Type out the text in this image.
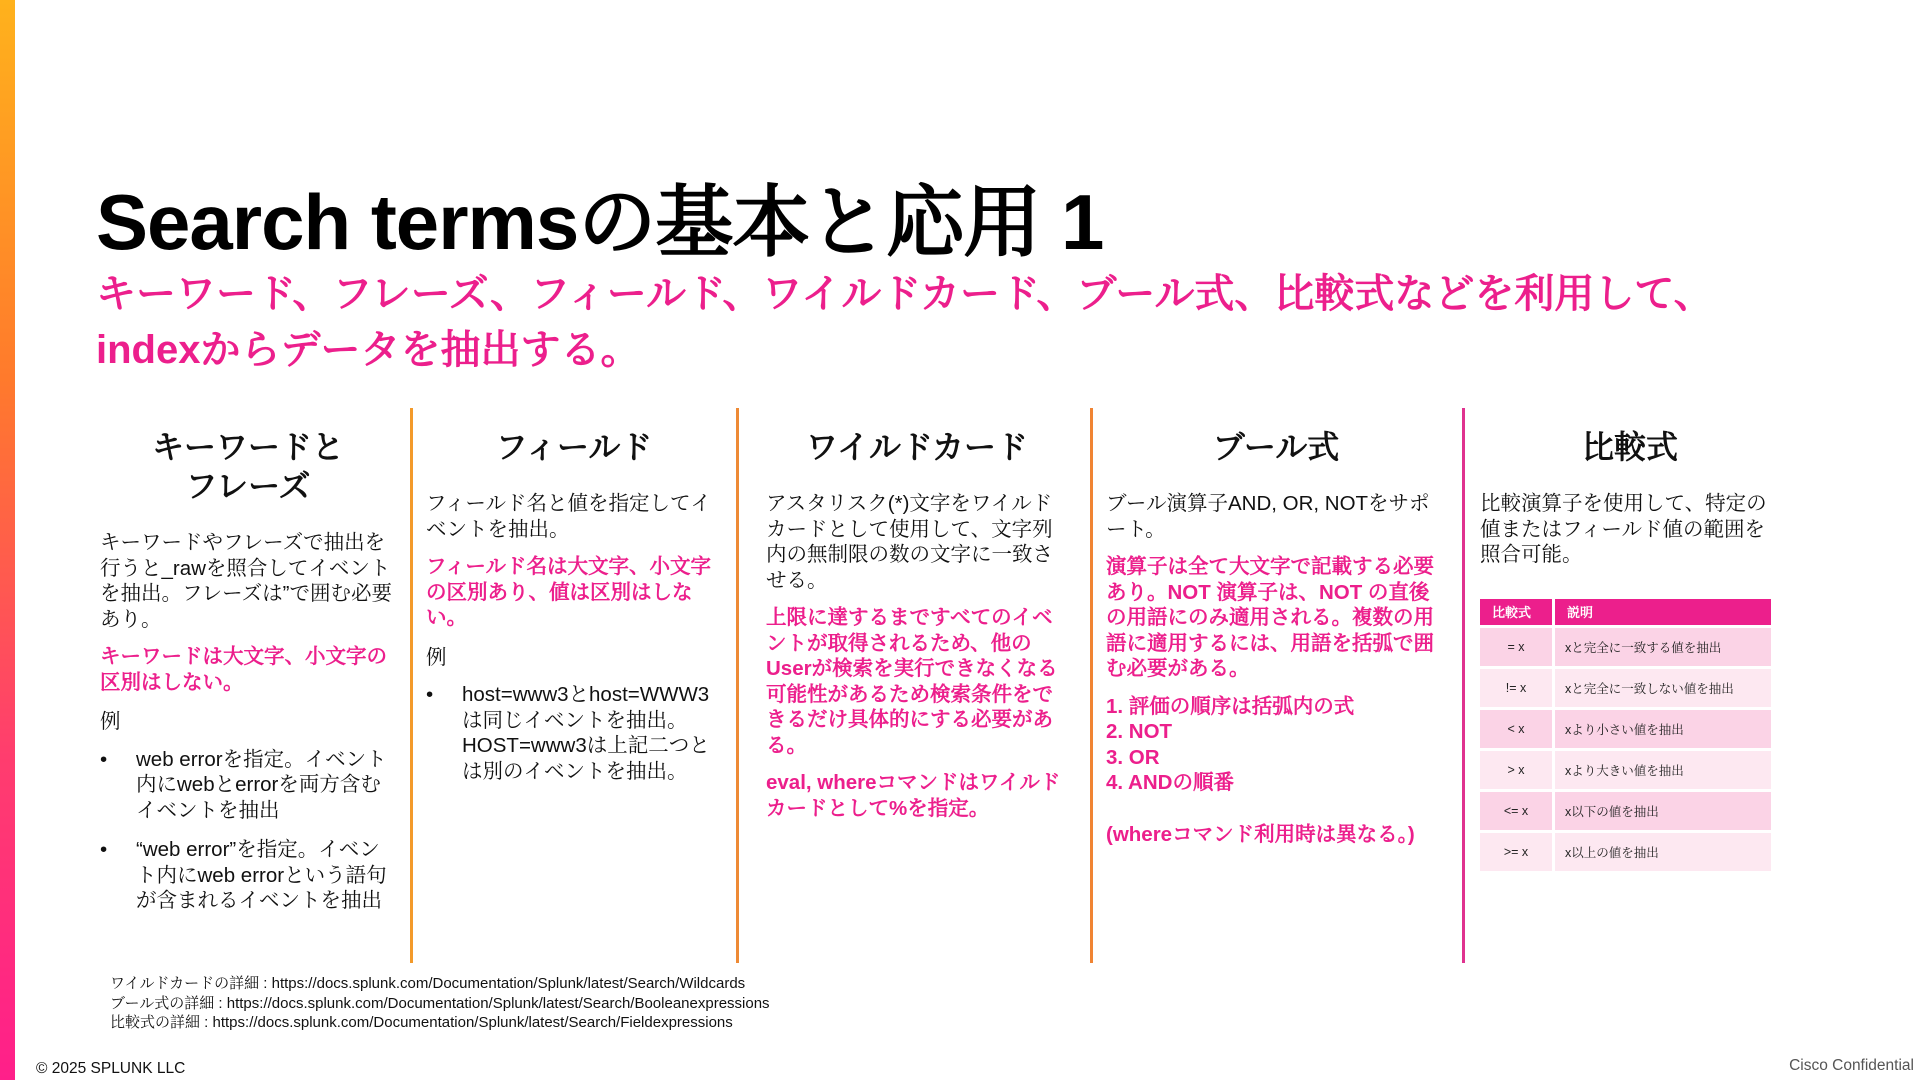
Search termsの基本と応用 1
キーワード、フレーズ、フィールド、ワイルドカード、ブール式、比較式などを利用して、indexからデータを抽出する。
キーワードと
フレーズ

キーワードやフレーズで抽出を行うと_rawを照合してイベントを抽出。フレーズは”で囲む必要あり。

キーワードは大文字、小文字の区別はしない。

例

• web errorを指定。イベント内にwebとerrorを両方含むイベントを抽出
• “web error”を指定。イベント内にweb errorという語句が含まれるイベントを抽出
フィールド

フィールド名と値を指定してイベントを抽出。

フィールド名は大文字、小文字の区別あり、値は区別はしない。

例

• host=www3とhost=WWW3は同じイベントを抽出。HOST=www3は上記二つとは別のイベントを抽出。
ワイルドカード

アスタリスク(*)文字をワイルドカードとして使用して、文字列内の無制限の数の文字に一致させる。

上限に達するまですべてのイベントが取得されるため、他のUserが検索を実行できなくなる可能性があるため検索条件をできるだけ具体的にする必要がある。

eval, whereコマンドはワイルドカードとして%を指定。

ブール式

ブール演算子AND, OR, NOTをサポート。

演算子は全て大文字で記載する必要あり。NOT 演算子は、NOT の直後の用語にのみ適用される。複数の用語に適用するには、用語を括弧で囲む必要がある。

1. 評価の順序は括弧内の式
2. NOT
3. OR
4. ANDの順番

(whereコマンド利用時は異なる。)

比較式

比較演算子を使用して、特定の値またはフィールド値の範囲を照合可能。

比較式	説明
= x	xと完全に一致する値を抽出
!= x	xと完全に一致しない値を抽出
< x	xより小さい値を抽出
> x	xより大きい値を抽出
<= x	x以下の値を抽出
>= x	x以上の値を抽出
ワイルドカードの詳細 : https://docs.splunk.com/Documentation/Splunk/latest/Search/Wildcards
ブール式の詳細 : https://docs.splunk.com/Documentation/Splunk/latest/Search/Booleanexpressions
比較式の詳細 : https://docs.splunk.com/Documentation/Splunk/latest/Search/Fieldexpressions
© 2025 SPLUNK LLC	Cisco Confidential
